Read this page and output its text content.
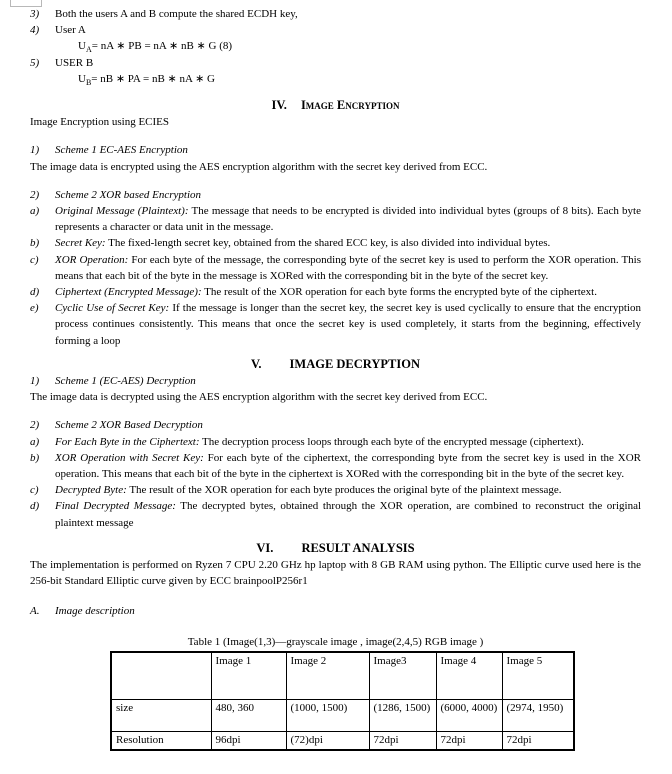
3)	Both the users A and B compute the shared ECDH key,
4)	User A
$U_A=$ nA ∗ PB = nA ∗ nB ∗ G (8)
5)	USER B
$U_B=$ nB ∗ PA = nB ∗ nA ∗ G
IV. Image Encryption

Image Encryption using ECIES

1)	Scheme 1 EC-AES Encryption

The image data is encrypted using the AES encryption algorithm with the secret key derived from ECC.

2)	Scheme 2 XOR based Encryption
a)	Original Message (Plaintext): The message that needs to be encrypted is divided into individual bytes (groups of 8 bits). Each byte represents a character or data unit in the message.
b)	Secret Key: The fixed-length secret key, obtained from the shared ECC key, is also divided into individual bytes.
c)	XOR Operation: For each byte of the message, the corresponding byte of the secret key is used to perform the XOR operation. This means that each bit of the byte in the message is XORed with the corresponding bit in the byte of the secret key.
d)	Ciphertext (Encrypted Message): The result of the XOR operation for each byte forms the encrypted byte of the ciphertext.
e)	Cyclic Use of Secret Key: If the message is longer than the secret key, the secret key is used cyclically to ensure that the encryption process continues consistently. This means that once the secret key is used completely, it starts from the beginning, effectively forming a loop
V. IMAGE DECRYPTION
1)	Scheme 1 (EC-AES) Decryption

The image data is decrypted using the AES encryption algorithm with the secret key derived from ECC.

2)	Scheme 2 XOR Based Decryption
a)	For Each Byte in the Ciphertext: The decryption process loops through each byte of the encrypted message (ciphertext).
b)	XOR Operation with Secret Key: For each byte of the ciphertext, the corresponding byte from the secret key is used in the XOR operation. This means that each bit of the byte in the ciphertext is XORed with the corresponding bit in the byte of the secret key.
c)	Decrypted Byte: The result of the XOR operation for each byte produces the original byte of the plaintext message.
d)	Final Decrypted Message: The decrypted bytes, obtained through the XOR operation, are combined to reconstruct the original plaintext message
VI. RESULT ANALYSIS

The implementation is performed on Ryzen 7 CPU 2.20 GHz hp laptop with 8 GB RAM using python. The Elliptic curve used here is the 256-bit Standard Elliptic curve given by ECC brainpoolP256r1

A.	Image description
Table 1 (Image(1,3)—grayscale image , image(2,4,5) RGB image )
	Image 1	Image 2	Image3	Image 4	Image 5
size	480, 360	(1000, 1500)	(1286, 1500)	(6000, 4000)	(2974, 1950)
Resolution	96dpi	(72)dpi	72dpi	72dpi	72dpi
